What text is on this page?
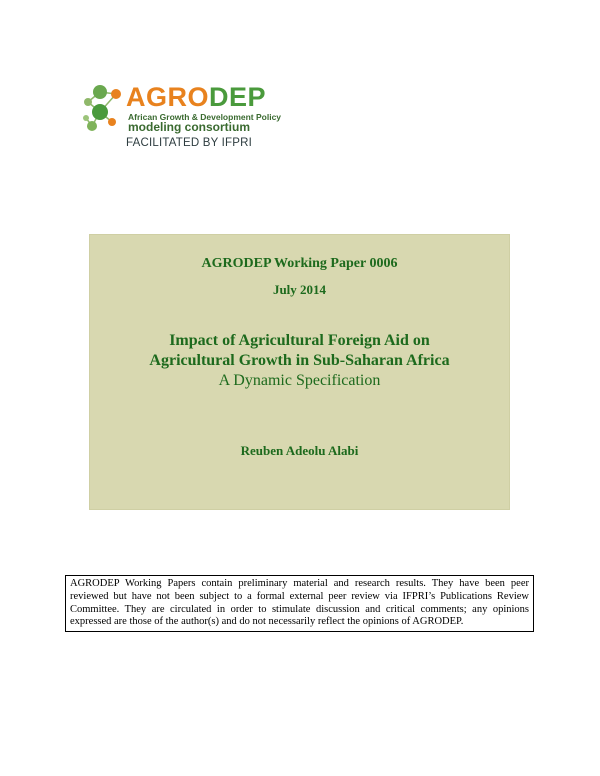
AGRODEP
African Growth & Development Policy
modeling consortium
FACILITATED BY IFPRI
AGRODEP Working Paper 0006
July 2014
Impact of Agricultural Foreign Aid on
Agricultural Growth in Sub-Saharan Africa
A Dynamic Specification
Reuben Adeolu Alabi
AGRODEP Working Papers contain preliminary material and research results. They have been peer reviewed but have not been subject to a formal external peer review via IFPRI’s Publications Review Committee. They are circulated in order to stimulate discussion and critical comments; any opinions expressed are those of the author(s) and do not necessarily reflect the opinions of AGRODEP.
